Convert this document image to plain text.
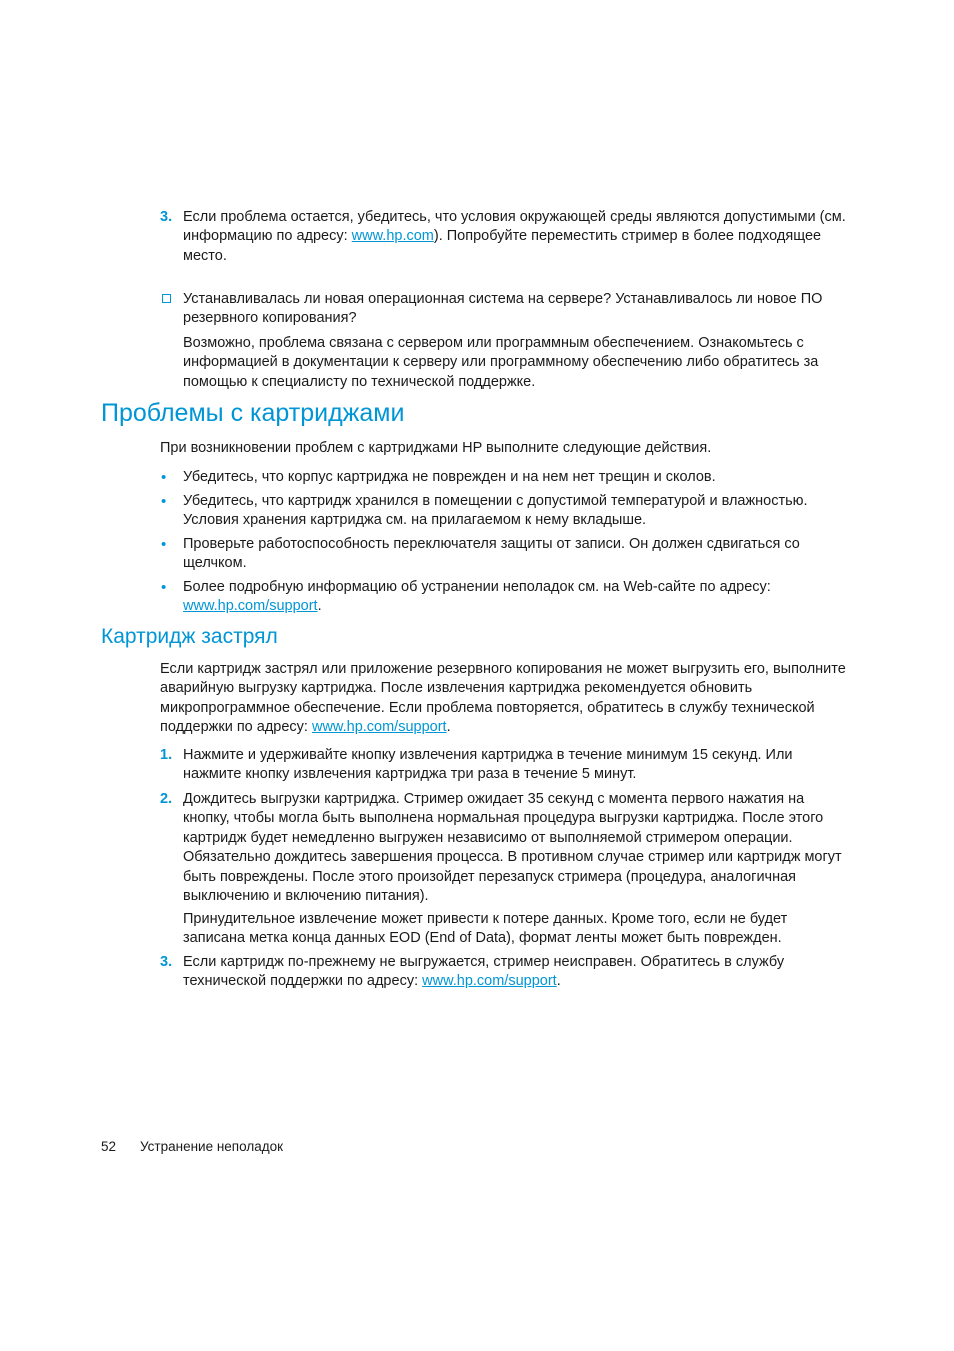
3. Если проблема остается, убедитесь, что условия окружающей среды являются допустимыми (см. информацию по адресу: www.hp.com). Попробуйте переместить стример в более подходящее место.

Устанавливалась ли новая операционная система на сервере? Устанавливалось ли новое ПО резервного копирования?
Возможно, проблема связана с сервером или программным обеспечением. Ознакомьтесь с информацией в документации к серверу или программному обеспечению либо обратитесь за помощью к специалисту по технической поддержке.
Проблемы с картриджами
При возникновении проблем с картриджами HP выполните следующие действия.
• Убедитесь, что корпус картриджа не поврежден и на нем нет трещин и сколов.
• Убедитесь, что картридж хранился в помещении с допустимой температурой и влажностью. Условия хранения картриджа см. на прилагаемом к нему вкладыше.
• Проверьте работоспособность переключателя защиты от записи. Он должен сдвигаться со щелчком.
• Более подробную информацию об устранении неполадок см. на Web-сайте по адресу: www.hp.com/support.

Картридж застрял

Если картридж застрял или приложение резервного копирования не может выгрузить его, выполните аварийную выгрузку картриджа. После извлечения картриджа рекомендуется обновить микропрограммное обеспечение. Если проблема повторяется, обратитесь в службу технической поддержки по адресу: www.hp.com/support.

1. Нажмите и удерживайте кнопку извлечения картриджа в течение минимум 15 секунд. Или нажмите кнопку извлечения картриджа три раза в течение 5 минут.
2. Дождитесь выгрузки картриджа. Стример ожидает 35 секунд с момента первого нажатия на кнопку, чтобы могла быть выполнена нормальная процедура выгрузки картриджа. После этого картридж будет немедленно выгружен независимо от выполняемой стримером операции. Обязательно дождитесь завершения процесса. В противном случае стример или картридж могут быть повреждены. После этого произойдет перезапуск стримера (процедура, аналогичная выключению и включению питания).
Принудительное извлечение может привести к потере данных. Кроме того, если не будет записана метка конца данных EOD (End of Data), формат ленты может быть поврежден.
3. Если картридж по-прежнему не выгружается, стример неисправен. Обратитесь в службу технической поддержки по адресу: www.hp.com/support.

52 Устранение неполадок
